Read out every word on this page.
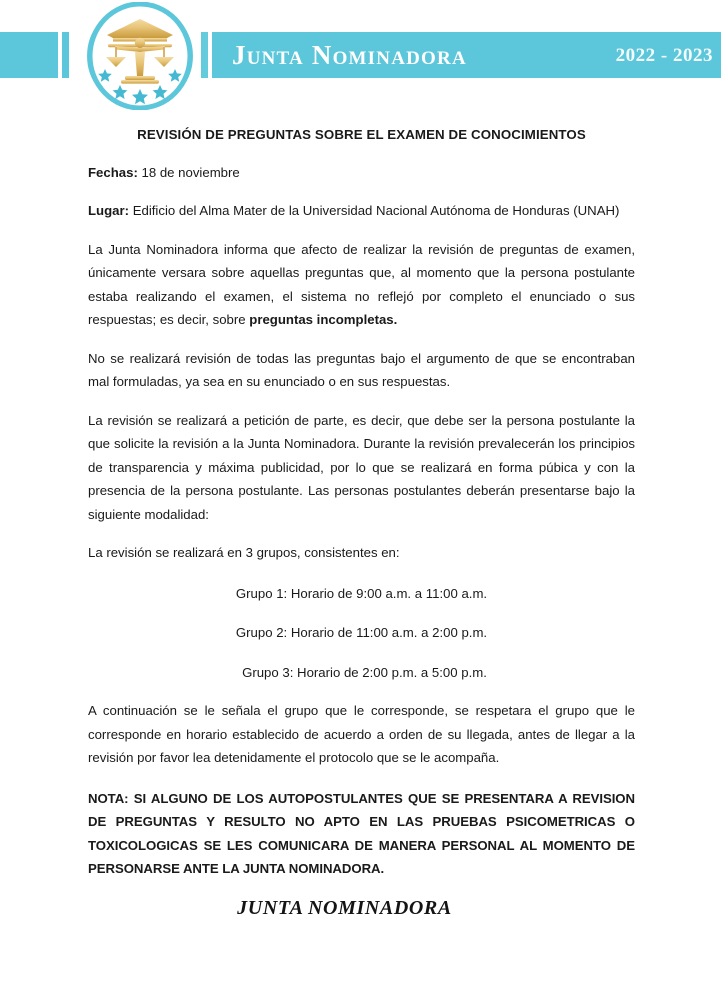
Junta Nominadora	2022 - 2023
REVISIÓN DE PREGUNTAS SOBRE EL EXAMEN DE CONOCIMIENTOS

Fechas: 18 de noviembre

Lugar: Edificio del Alma Mater de la Universidad Nacional Autónoma de Honduras (UNAH)

La Junta Nominadora informa que afecto de realizar la revisión de preguntas de examen, únicamente versara sobre aquellas preguntas que, al momento que la persona postulante estaba realizando el examen, el sistema no reflejó por completo el enunciado o sus respuestas; es decir, sobre preguntas incompletas.

No se realizará revisión de todas las preguntas bajo el argumento de que se encontraban mal formuladas, ya sea en su enunciado o en sus respuestas.

La revisión se realizará a petición de parte, es decir, que debe ser la persona postulante la que solicite la revisión a la Junta Nominadora. Durante la revisión prevalecerán los principios de transparencia y máxima publicidad, por lo que se realizará en forma púbica y con la presencia de la persona postulante. Las personas postulantes deberán presentarse bajo la siguiente modalidad:

La revisión se realizará en 3 grupos, consistentes en:

Grupo 1: Horario de 9:00 a.m. a 11:00 a.m.

Grupo 2: Horario de 11:00 a.m. a 2:00 p.m.

Grupo 3: Horario de 2:00 p.m. a 5:00 p.m.

A continuación se le señala el grupo que le corresponde, se respetara el grupo que le corresponde en horario establecido de acuerdo a orden de su llegada, antes de llegar a la revisión por favor lea detenidamente el protocolo que se le acompaña.

NOTA: SI ALGUNO DE LOS AUTOPOSTULANTES QUE SE PRESENTARA A REVISION DE PREGUNTAS Y RESULTO NO APTO EN LAS PRUEBAS PSICOMETRICAS O TOXICOLOGICAS SE LES COMUNICARA DE MANERA PERSONAL AL MOMENTO DE PERSONARSE ANTE LA JUNTA NOMINADORA.

JUNTA NOMINADORA
